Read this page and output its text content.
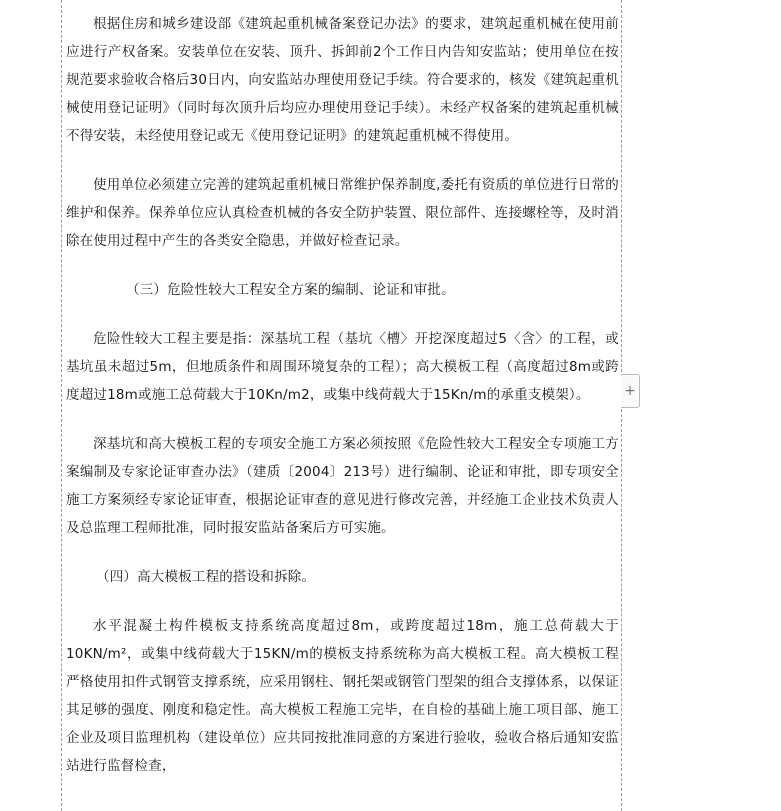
根据住房和城乡建设部《建筑起重机械备案登记办法》的要求，建筑起重机械在使用前应进行产权备案。安装单位在安装、顶升、拆卸前2个工作日内告知安监站；使用单位在按规范要求验收合格后30日内，向安监站办理使用登记手续。符合要求的，核发《建筑起重机械使用登记证明》（同时每次顶升后均应办理使用登记手续）。未经产权备案的建筑起重机械不得安装，未经使用登记或无《使用登记证明》的建筑起重机械不得使用。

使用单位必须建立完善的建筑起重机械日常维护保养制度,委托有资质的单位进行日常的维护和保养。保养单位应认真检查机械的各安全防护装置、限位部件、连接螺栓等，及时消除在使用过程中产生的各类安全隐患，并做好检查记录。

（三）危险性较大工程安全方案的编制、论证和审批。

危险性较大工程主要是指：深基坑工程（基坑〈槽〉开挖深度超过5〈含〉的工程，或基坑虽未超过5m，但地质条件和周围环境复杂的工程）；高大模板工程（高度超过8m或跨度超过18m或施工总荷载大于10Kn/m2，或集中线荷载大于15Kn/m的承重支模架）。

深基坑和高大模板工程的专项安全施工方案必须按照《危险性较大工程安全专项施工方案编制及专家论证审查办法》（建质〔2004〕213号）进行编制、论证和审批，即专项安全施工方案须经专家论证审查，根据论证审查的意见进行修改完善，并经施工企业技术负责人及总监理工程师批准，同时报安监站备案后方可实施。

（四）高大模板工程的搭设和拆除。

水平混凝土构件模板支持系统高度超过8m，或跨度超过18m，施工总荷载大于10KN/m²，或集中线荷载大于15KN/m的模板支持系统称为高大模板工程。高大模板工程严格使用扣件式钢管支撑系统，应采用钢柱、钢托架或钢管门型架的组合支撑体系，以保证其足够的强度、刚度和稳定性。高大模板工程施工完毕，在自检的基础上施工项目部、施工企业及项目监理机构（建设单位）应共同按批准同意的方案进行验收，验收合格后通知安监站进行监督检查，

+
